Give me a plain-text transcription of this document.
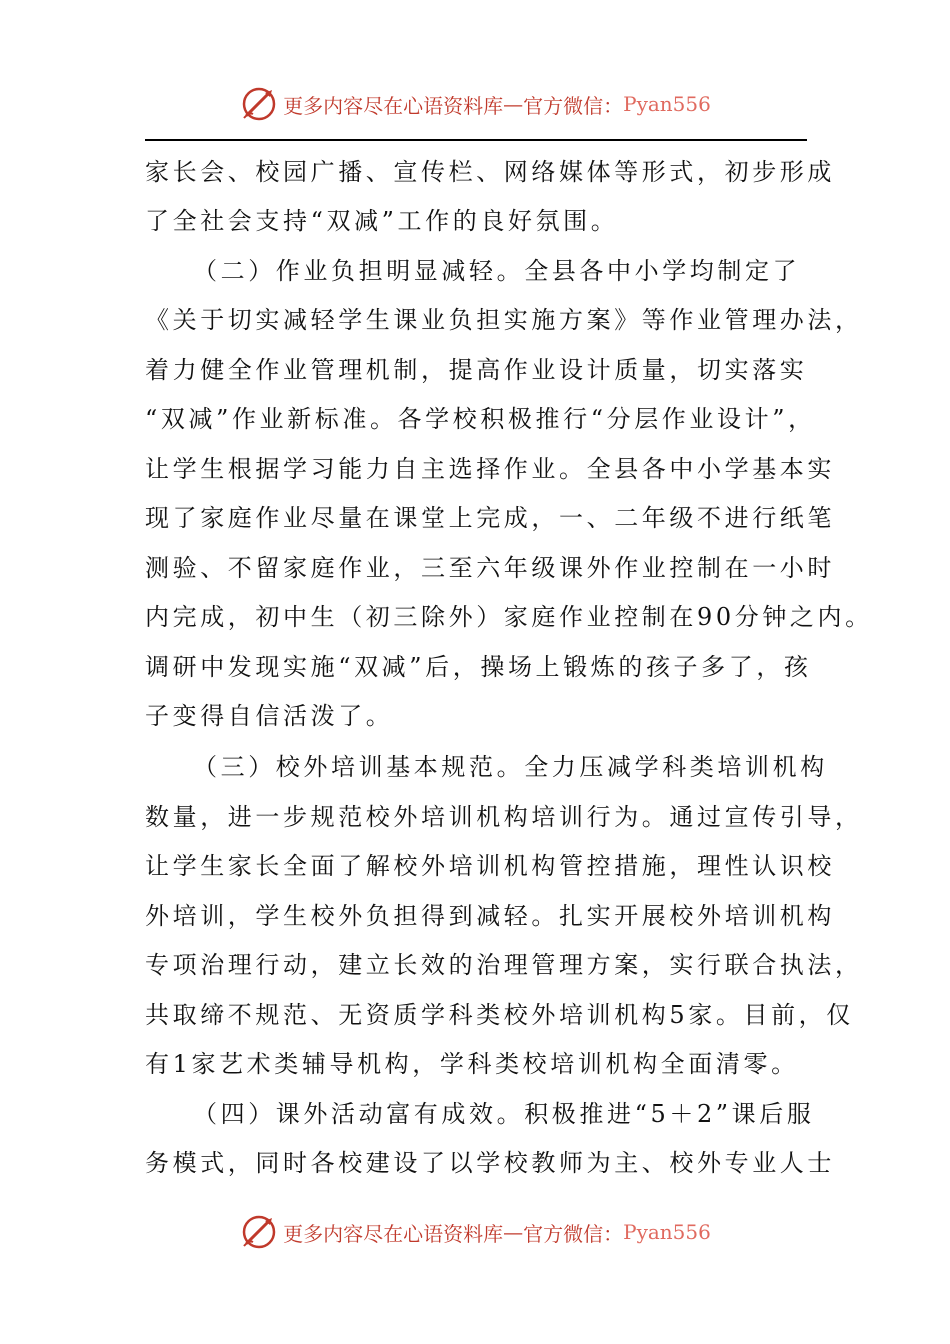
更多内容尽在心语资料库 — 官方微信： Pyan556
家长会、校园广播、宣传栏、网络媒体等形式，初步形成
了全社会支持“双减”工作的良好氛围。
（二）作业负担明显减轻。全县各中小学均制定了
《关于切实减轻学生课业负担实施方案》等作业管理办法，
着力健全作业管理机制，提高作业设计质量，切实落实
“双减”作业新标准。各学校积极推行“分层作业设计”，
让学生根据学习能力自主选择作业。全县各中小学基本实
现了家庭作业尽量在课堂上完成，一、二年级不进行纸笔
测验、不留家庭作业，三至六年级课外作业控制在一小时
内完成，初中生（初三除外）家庭作业控制在90分钟之内。
调研中发现实施“双减”后，操场上锻炼的孩子多了，孩
子变得自信活泼了。
（三）校外培训基本规范。全力压减学科类培训机构
数量，进一步规范校外培训机构培训行为。通过宣传引导，
让学生家长全面了解校外培训机构管控措施，理性认识校
外培训，学生校外负担得到减轻。扎实开展校外培训机构
专项治理行动，建立长效的治理管理方案，实行联合执法，
共取缔不规范、无资质学科类校外培训机构5家。目前，仅
有1家艺术类辅导机构，学科类校培训机构全面清零。
（四）课外活动富有成效。积极推进“5＋2”课后服
务模式，同时各校建设了以学校教师为主、校外专业人士
更多内容尽在心语资料库 — 官方微信： Pyan556
